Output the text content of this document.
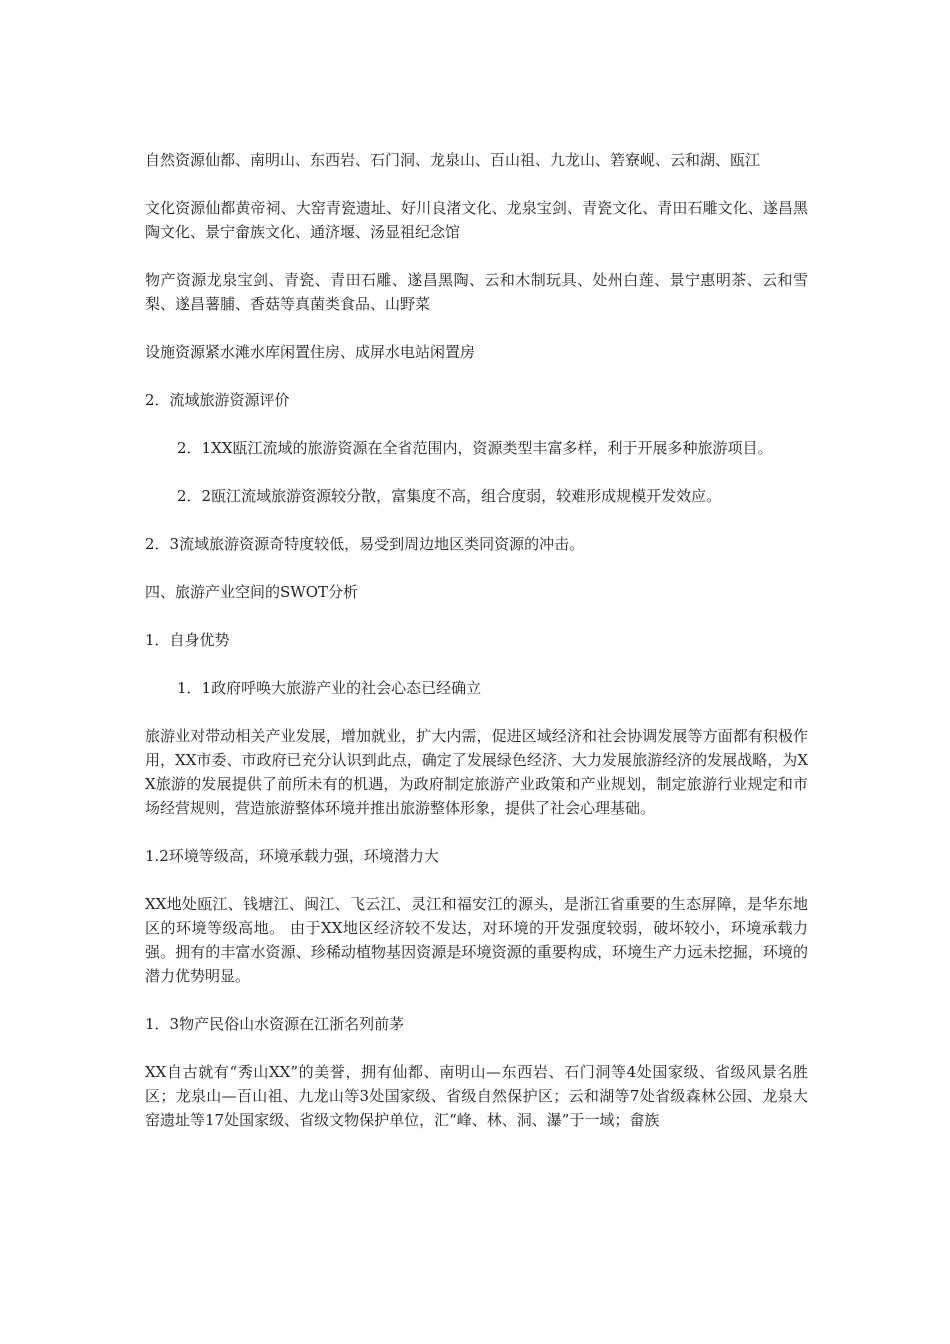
自然资源仙都、南明山、东西岩、石门洞、龙泉山、百山祖、九龙山、箬寮岘、云和湖、瓯江

文化资源仙都黄帝祠、大窑青瓷遗址、好川良渚文化、龙泉宝剑、青瓷文化、青田石雕文化、遂昌黑陶文化、景宁畲族文化、通济堰、汤显祖纪念馆

物产资源龙泉宝剑、青瓷、青田石雕、遂昌黑陶、云和木制玩具、处州白莲、景宁惠明茶、云和雪梨、遂昌薯脯、香菇等真菌类食品、山野菜

设施资源紧水滩水库闲置住房、成屏水电站闲置房

2．流域旅游资源评价

2．1XX瓯江流域的旅游资源在全省范围内，资源类型丰富多样，利于开展多种旅游项目。

2．2瓯江流域旅游资源较分散，富集度不高，组合度弱，较难形成规模开发效应。

2．3流域旅游资源奇特度较低，易受到周边地区类同资源的冲击。

四、旅游产业空间的SWOT分析

1．自身优势

1．1政府呼唤大旅游产业的社会心态已经确立

旅游业对带动相关产业发展，增加就业，扩大内需，促进区域经济和社会协调发展等方面都有积极作用，XX市委、市政府已充分认识到此点，确定了发展绿色经济、大力发展旅游经济的发展战略，为XX旅游的发展提供了前所未有的机遇，为政府制定旅游产业政策和产业规划，制定旅游行业规定和市场经营规则，营造旅游整体环境并推出旅游整体形象，提供了社会心理基础。

1.2环境等级高，环境承载力强，环境潜力大

XX地处瓯江、钱塘江、闽江、飞云江、灵江和福安江的源头，是浙江省重要的生态屏障，是华东地区的环境等级高地。 由于XX地区经济较不发达，对环境的开发强度较弱，破坏较小，环境承载力强。拥有的丰富水资源、珍稀动植物基因资源是环境资源的重要构成，环境生产力远未挖掘，环境的潜力优势明显。

1．3物产民俗山水资源在江浙名列前茅

XX自古就有“秀山XX”的美誉，拥有仙都、南明山—东西岩、石门洞等4处国家级、省级风景名胜区；龙泉山—百山祖、九龙山等3处国家级、省级自然保护区；云和湖等7处省级森林公园、龙泉大窑遗址等17处国家级、省级文物保护单位，汇“峰、林、洞、瀑”于一域；畲族
